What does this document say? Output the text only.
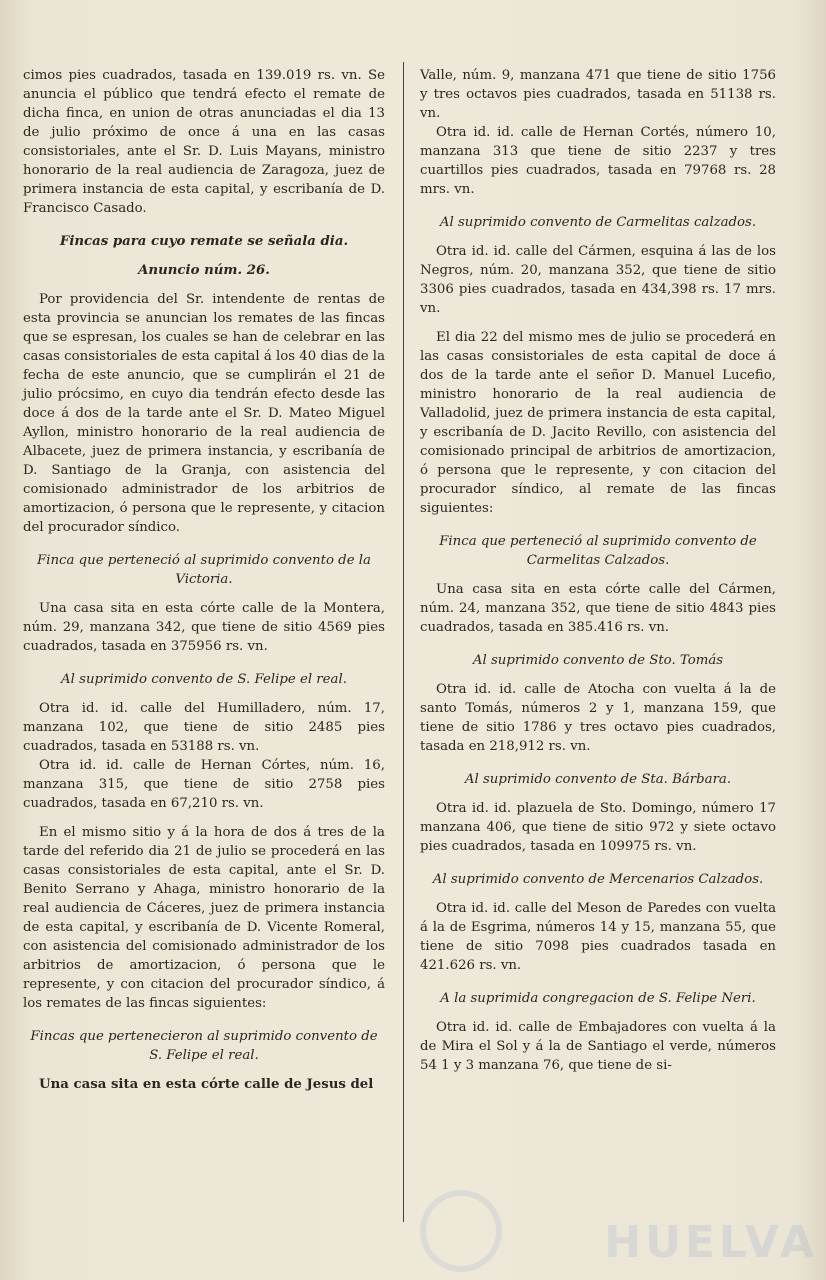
cimos pies cuadrados, tasada en 139.019 rs. vn. Se anuncia el público que tendrá efecto el remate de dicha finca, en union de otras anunciadas el dia 13 de julio próximo de once á una en las casas consistoriales, ante el Sr. D. Luis Mayans, ministro honorario de la real audiencia de Zaragoza, juez de primera instancia de esta capital, y escribanía de D. Francisco Casado.

Fincas para cuyo remate se señala dia.
Anuncio núm. 26.

Por providencia del Sr. intendente de rentas de esta provincia se anuncian los remates de las fincas que se espresan, los cuales se han de celebrar en las casas consistoriales de esta capital á los 40 dias de la fecha de este anuncio, que se cumplirán el 21 de julio prócsimo, en cuyo dia tendrán efecto desde las doce á dos de la tarde ante el Sr. D. Mateo Miguel Ayllon, ministro honorario de la real audiencia de Albacete, juez de primera instancia, y escribanía de D. Santiago de la Granja, con asistencia del comisionado administrador de los arbitrios de amortizacion, ó persona que le represente, y citacion del procurador síndico.

Finca que perteneció al suprimido convento de la Victoria.

Una casa sita en esta córte calle de la Montera, núm. 29, manzana 342, que tiene de sitio 4569 pies cuadrados, tasada en 375956 rs. vn.

Al suprimido convento de S. Felipe el real.

Otra id. id. calle del Humilladero, núm. 17, manzana 102, que tiene de sitio 2485 pies cuadrados, tasada en 53188 rs. vn.

Otra id. id. calle de Hernan Córtes, núm. 16, manzana 315, que tiene de sitio 2758 pies cuadrados, tasada en 67,210 rs. vn.

En el mismo sitio y á la hora de dos á tres de la tarde del referido dia 21 de julio se procederá en las casas consistoriales de esta capital, ante el Sr. D. Benito Serrano y Ahaga, ministro honorario de la real audiencia de Cáceres, juez de primera instancia de esta capital, y escribanía de D. Vicente Romeral, con asistencia del comisionado administrador de los arbitrios de amortizacion, ó persona que le represente, y con citacion del procurador síndico, á los remates de las fincas siguientes:

Fincas que pertenecieron al suprimido convento de S. Felipe el real.

Una casa sita en esta córte calle de Jesus del

Valle, núm. 9, manzana 471 que tiene de sitio 1756 y tres octavos pies cuadrados, tasada en 51138 rs. vn.

Otra id. id. calle de Hernan Cortés, número 10, manzana 313 que tiene de sitio 2237 y tres cuartillos pies cuadrados, tasada en 79768 rs. 28 mrs. vn.

Al suprimido convento de Carmelitas calzados.

Otra id. id. calle del Cármen, esquina á las de los Negros, núm. 20, manzana 352, que tiene de sitio 3306 pies cuadrados, tasada en 434,398 rs. 17 mrs. vn.

El dia 22 del mismo mes de julio se procederá en las casas consistoriales de esta capital de doce á dos de la tarde ante el señor D. Manuel Lucefio, ministro honorario de la real audiencia de Valladolid, juez de primera instancia de esta capital, y escribanía de D. Jacito Revillo, con asistencia del comisionado principal de arbitrios de amortizacion, ó persona que le represente, y con citacion del procurador síndico, al remate de las fincas siguientes:

Finca que perteneció al suprimido convento de Carmelitas Calzados.

Una casa sita en esta córte calle del Cármen, núm. 24, manzana 352, que tiene de sitio 4843 pies cuadrados, tasada en 385.416 rs. vn.

Al suprimido convento de Sto. Tomás

Otra id. id. calle de Atocha con vuelta á la de santo Tomás, números 2 y 1, manzana 159, que tiene de sitio 1786 y tres octavo pies cuadrados, tasada en 218,912 rs. vn.

Al suprimido convento de Sta. Bárbara.

Otra id. id. plazuela de Sto. Domingo, número 17 manzana 406, que tiene de sitio 972 y siete octavo pies cuadrados, tasada en 109975 rs. vn.

Al suprimido convento de Mercenarios Calzados.

Otra id. id. calle del Meson de Paredes con vuelta á la de Esgrima, números 14 y 15, manzana 55, que tiene de sitio 7098 pies cuadrados tasada en 421.626 rs. vn.

A la suprimida congregacion de S. Felipe Neri.

Otra id. id. calle de Embajadores con vuelta á la de Mira el Sol y á la de Santiago el verde, números 54 1 y 3 manzana 76, que tiene de si-

HUELVA
